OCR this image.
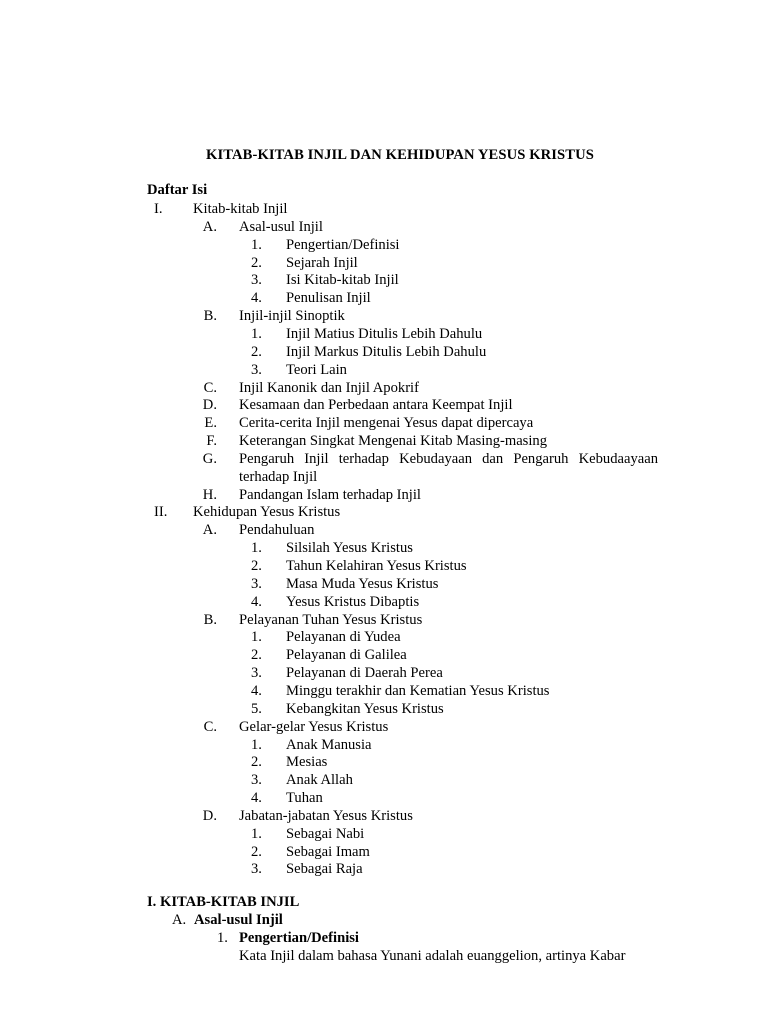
KITAB-KITAB INJIL DAN KEHIDUPAN YESUS KRISTUS
Daftar Isi
I. Kitab-kitab Injil
A. Asal-usul Injil
1. Pengertian/Definisi
2. Sejarah Injil
3. Isi Kitab-kitab Injil
4. Penulisan Injil
B. Injil-injil Sinoptik
1. Injil Matius Ditulis Lebih Dahulu
2. Injil Markus Ditulis Lebih Dahulu
3. Teori Lain
C. Injil Kanonik dan Injil Apokrif
D. Kesamaan dan Perbedaan antara Keempat Injil
E. Cerita-cerita Injil mengenai Yesus dapat dipercaya
F. Keterangan Singkat Mengenai Kitab Masing-masing
G. Pengaruh Injil terhadap Kebudayaan dan Pengaruh Kebudaayaan
terhadap Injil
H. Pandangan Islam terhadap Injil
II. Kehidupan Yesus Kristus
A. Pendahuluan
1. Silsilah Yesus Kristus
2. Tahun Kelahiran Yesus Kristus
3. Masa Muda Yesus Kristus
4. Yesus Kristus Dibaptis
B. Pelayanan Tuhan Yesus Kristus
1. Pelayanan di Yudea
2. Pelayanan di Galilea
3. Pelayanan di Daerah Perea
4. Minggu terakhir dan Kematian Yesus Kristus
5. Kebangkitan Yesus Kristus
C. Gelar-gelar Yesus Kristus
1. Anak Manusia
2. Mesias
3. Anak Allah
4. Tuhan
D. Jabatan-jabatan Yesus Kristus
1. Sebagai Nabi
2. Sebagai Imam
3. Sebagai Raja
I. KITAB-KITAB INJIL
A. Asal-usul Injil
1. Pengertian/Definisi
Kata Injil dalam bahasa Yunani adalah euanggelion, artinya Kabar
